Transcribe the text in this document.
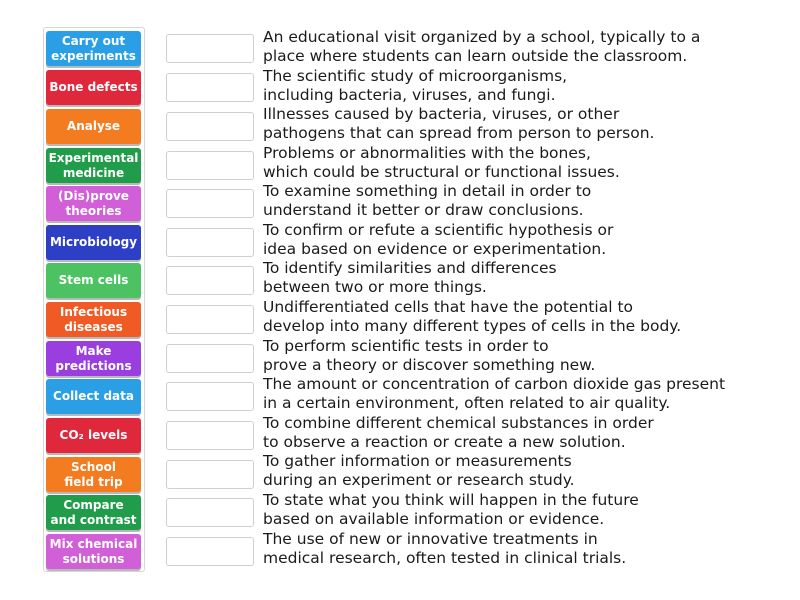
Carry out
experiments
Bone defects
Analyse
Experimental
medicine
(Dis)prove
theories
Microbiology
Stem cells
Infectious
diseases
Make
predictions
Collect data
CO₂ levels
School
field trip
Compare
and contrast
Mix chemical
solutions
An educational visit organized by a school, typically to a
place where students can learn outside the classroom.
The scientific study of microorganisms,
including bacteria, viruses, and fungi.
Illnesses caused by bacteria, viruses, or other
pathogens that can spread from person to person.
Problems or abnormalities with the bones,
which could be structural or functional issues.
To examine something in detail in order to
understand it better or draw conclusions.
To confirm or refute a scientific hypothesis or
idea based on evidence or experimentation.
To identify similarities and differences
between two or more things.
Undifferentiated cells that have the potential to
develop into many different types of cells in the body.
To perform scientific tests in order to
prove a theory or discover something new.
The amount or concentration of carbon dioxide gas present
in a certain environment, often related to air quality.
To combine different chemical substances in order
to observe a reaction or create a new solution.
To gather information or measurements
during an experiment or research study.
To state what you think will happen in the future
based on available information or evidence.
The use of new or innovative treatments in
medical research, often tested in clinical trials.
